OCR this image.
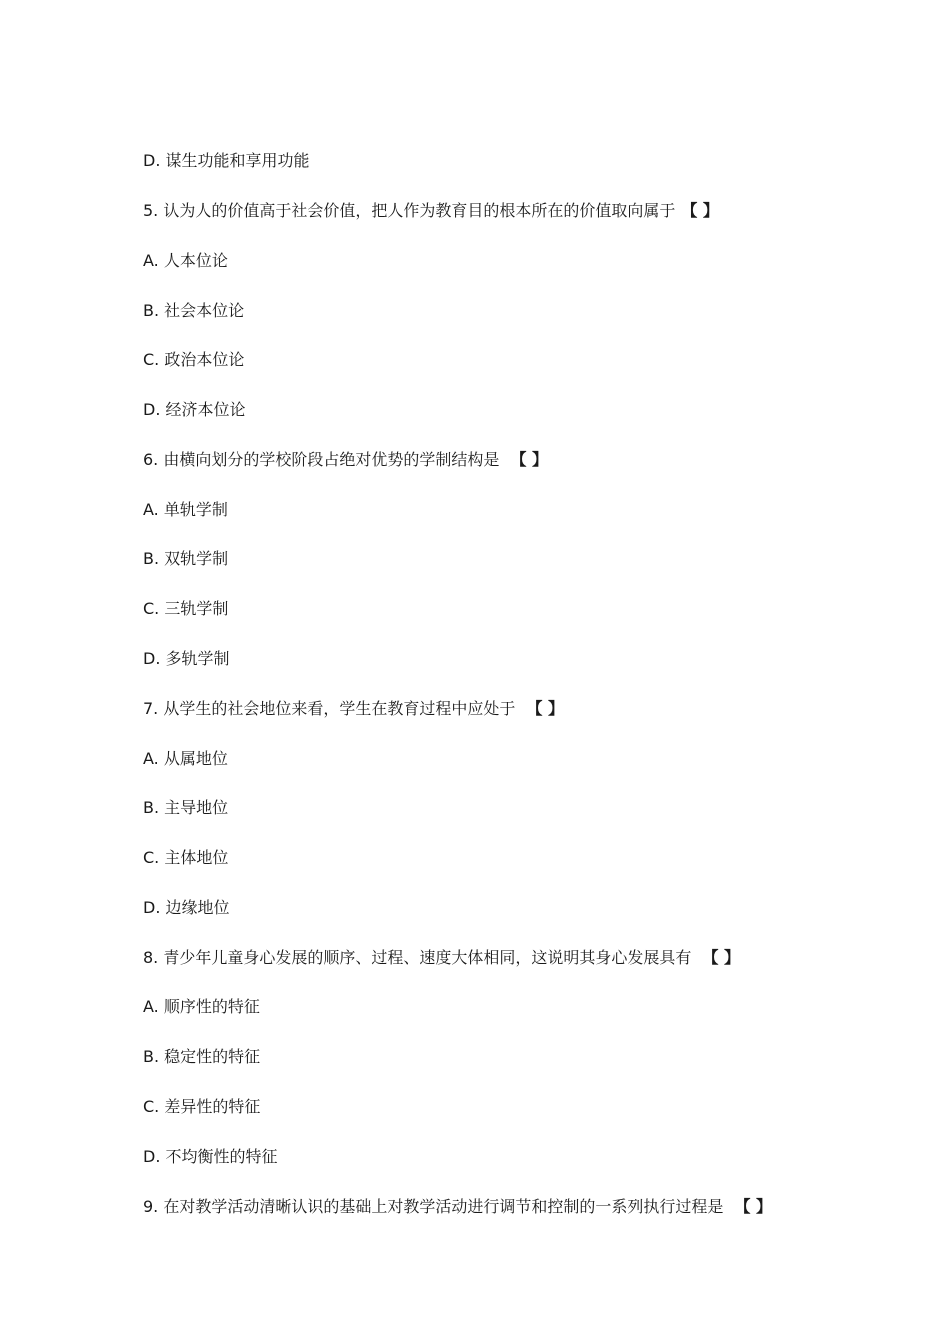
D. 谋生功能和享用功能
5. 认为人的价值高于社会价值，把人作为教育目的根本所在的价值取向属于 【 】
A. 人本位论
B. 社会本位论
C. 政治本位论
D. 经济本位论
6. 由横向划分的学校阶段占绝对优势的学制结构是 【 】
A. 单轨学制
B. 双轨学制
C. 三轨学制
D. 多轨学制
7. 从学生的社会地位来看，学生在教育过程中应处于 【 】
A. 从属地位
B. 主导地位
C. 主体地位
D. 边缘地位
8. 青少年儿童身心发展的顺序、过程、速度大体相同，这说明其身心发展具有 【 】
A. 顺序性的特征
B. 稳定性的特征
C. 差异性的特征
D. 不均衡性的特征
9. 在对教学活动清晰认识的基础上对教学活动进行调节和控制的一系列执行过程是 【 】
